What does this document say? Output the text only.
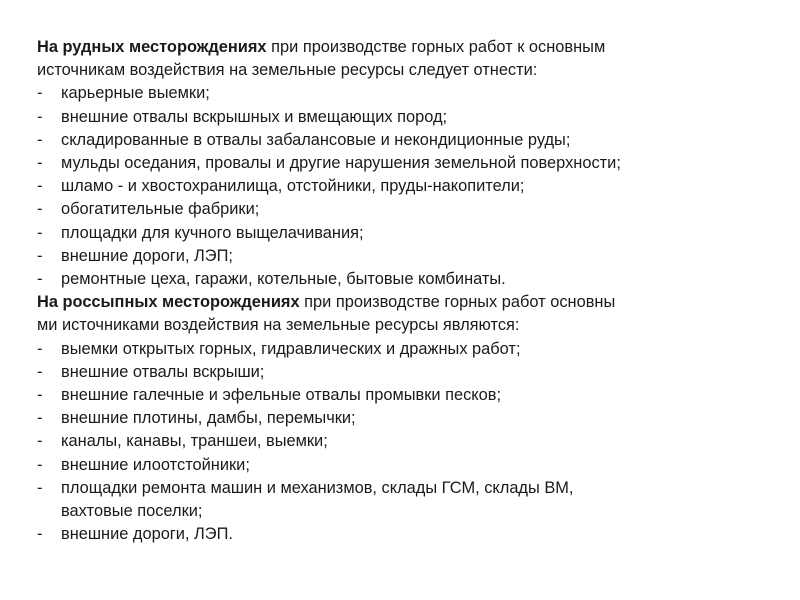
На рудных месторождениях при производстве горных работ к основным

источникам воздействия на земельные ресурсы следует отнести:

- карьерные выемки;
- внешние отвалы вскрышных и вмещающих пород;
- складированные в отвалы забалансовые и некондиционные руды;
- мульды оседания, провалы и другие нарушения земельной поверхности;
- шламо - и хвостохранилища, отстойники, пруды-накопители;
- обогатительные фабрики;
- площадки для кучного выщелачивания;
- внешние дороги, ЛЭП;
- ремонтные цеха, гаражи, котельные, бытовые комбинаты.

На россыпных месторождениях при производстве горных работ основны

ми источниками воздействия на земельные ресурсы являются:

- выемки открытых горных, гидравлических и дражных работ;
- внешние отвалы вскрыши;
- внешние галечные и эфельные отвалы промывки песков;
- внешние плотины, дамбы, перемычки;
- каналы, канавы, траншеи, выемки;
- внешние илоотстойники;
- площадки ремонта машин и механизмов, склады ГСМ, склады ВМ,
вахтовые поселки;
- внешние дороги, ЛЭП.
